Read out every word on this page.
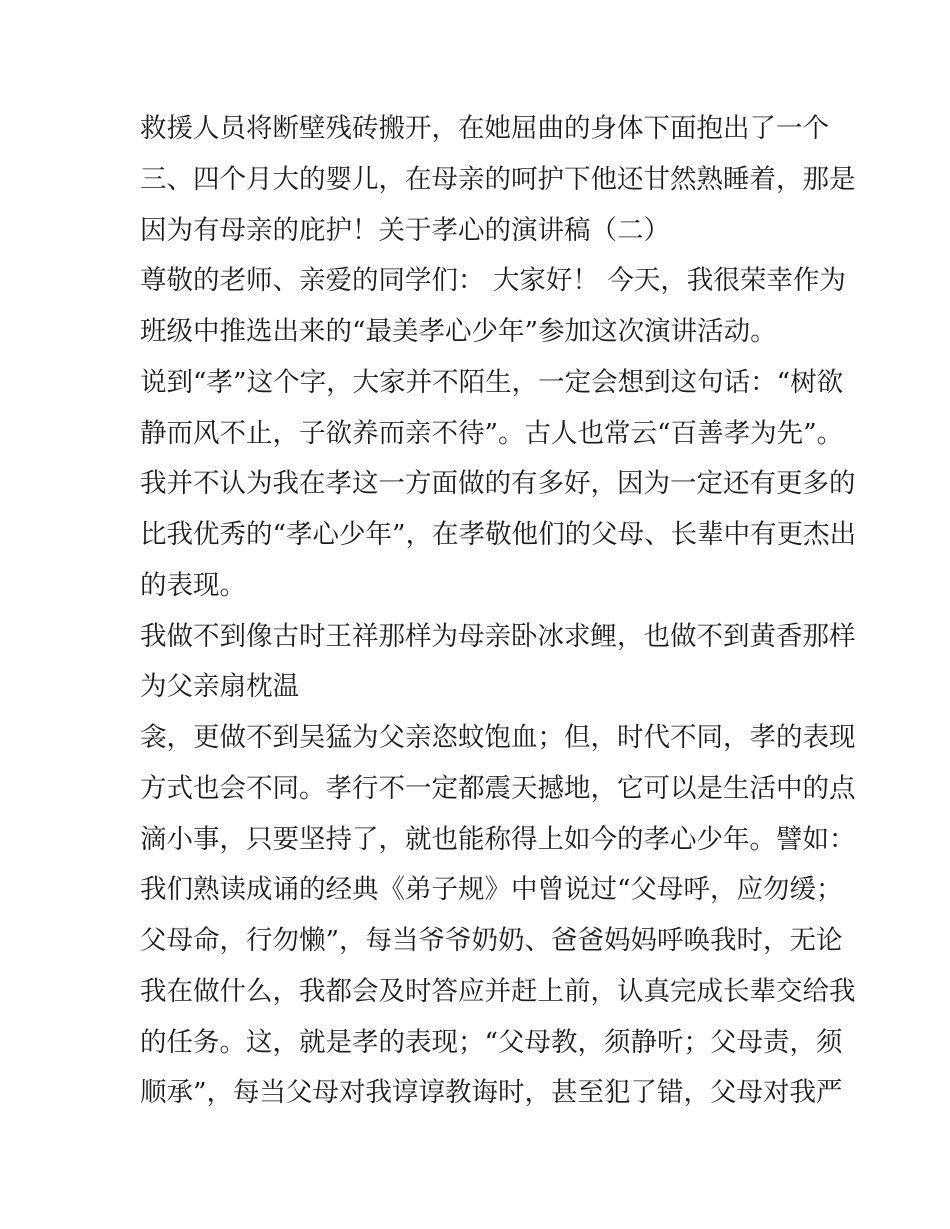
救援人员将断壁残砖搬开，在她屈曲的身体下面抱出了一个
三、四个月大的婴儿，在母亲的呵护下他还甘然熟睡着，那是
因为有母亲的庇护！关于孝心的演讲稿（二）
尊敬的老师、亲爱的同学们： 大家好！ 今天，我很荣幸作为
班级中推选出来的“最美孝心少年”参加这次演讲活动。
说到“孝”这个字，大家并不陌生，一定会想到这句话：“树欲
静而风不止，子欲养而亲不待”。古人也常云“百善孝为先”。
我并不认为我在孝这一方面做的有多好，因为一定还有更多的
比我优秀的“孝心少年”，在孝敬他们的父母、长辈中有更杰出
的表现。
我做不到像古时王祥那样为母亲卧冰求鲤，也做不到黄香那样
为父亲扇枕温
衾，更做不到吴猛为父亲恣蚊饱血；但，时代不同，孝的表现
方式也会不同。孝行不一定都震天撼地，它可以是生活中的点
滴小事，只要坚持了，就也能称得上如今的孝心少年。譬如：
我们熟读成诵的经典《弟子规》中曾说过“父母呼，应勿缓；
父母命，行勿懒”，每当爷爷奶奶、爸爸妈妈呼唤我时，无论
我在做什么，我都会及时答应并赶上前，认真完成长辈交给我
的任务。这，就是孝的表现；“父母教，须静听；父母责，须
顺承”，每当父母对我谆谆教诲时，甚至犯了错，父母对我严
